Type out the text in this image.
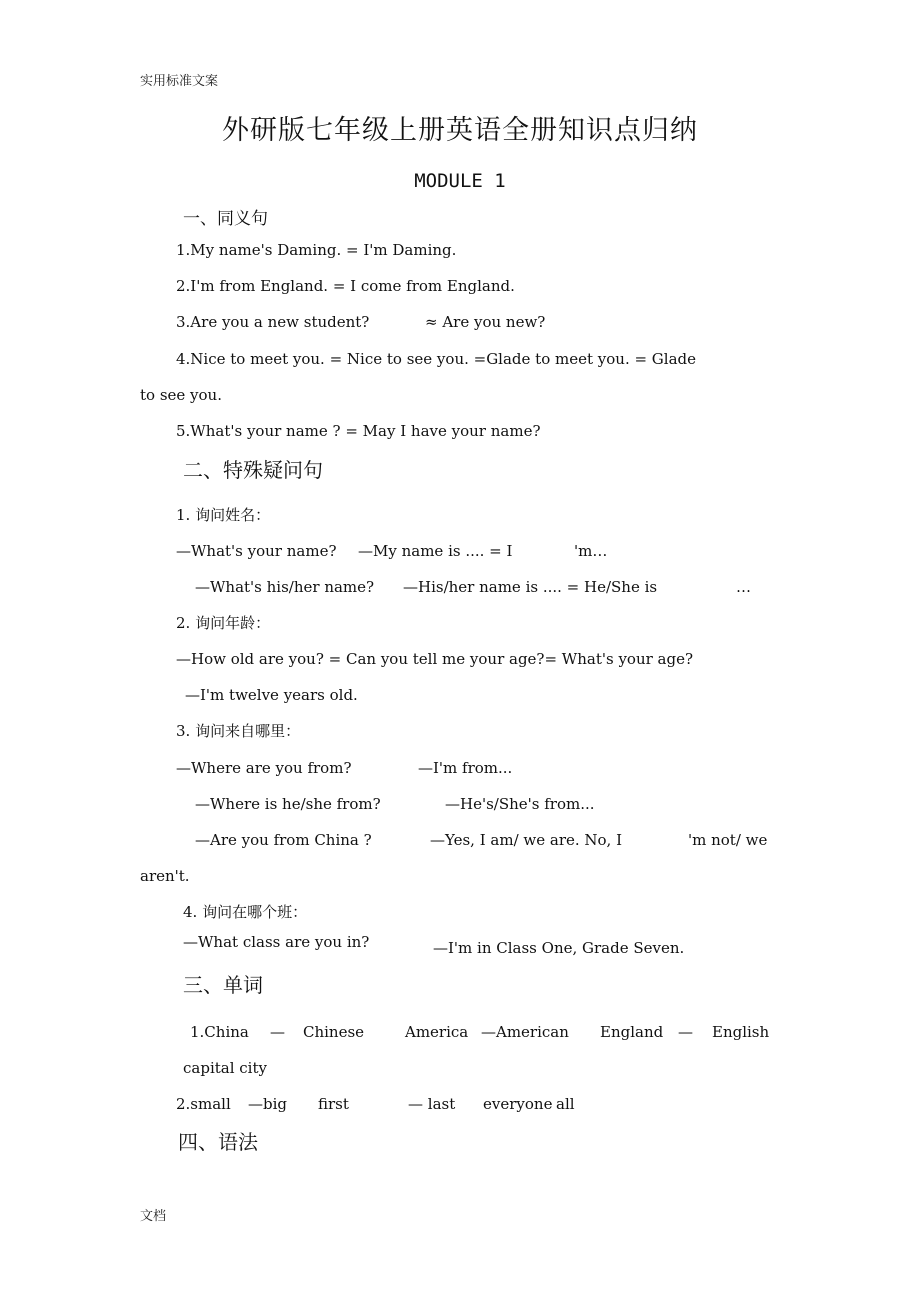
实用标准文案
外研版七年级上册英语全册知识点归纳
MODULE 1
一、同义句
1.My name's Daming. = I'm Daming.
2.I'm from England. = I come from England.
3.Are you a new student?	≈ Are you new?
4.Nice to meet you. = Nice to see you. =Glade to meet you. = Glade
to see you.
5.What's your name ? = May I have your name?
二、特殊疑问句
1. 询问姓名：
—What's your name? —My name is .... = I	'm…
—What's his/her name? —His/her name is .... = He/She is	…
2. 询问年龄：
—How old are you? = Can you tell me your age?= What's your age?
—I'm twelve years old.
3. 询问来自哪里：
—Where are you from?	—I'm from...
—Where is he/she from?	—He's/She's from...
—Are you from China ?	—Yes, I am/ we are. No, I	'm not/ we
aren't.
4. 询问在哪个班：
—What class are you in?	—I'm in Class One, Grade Seven.
三、单词
1.China — Chinese	America —American England — English
capital city
2.small —big first	— last everyone all
四、语法
文档
